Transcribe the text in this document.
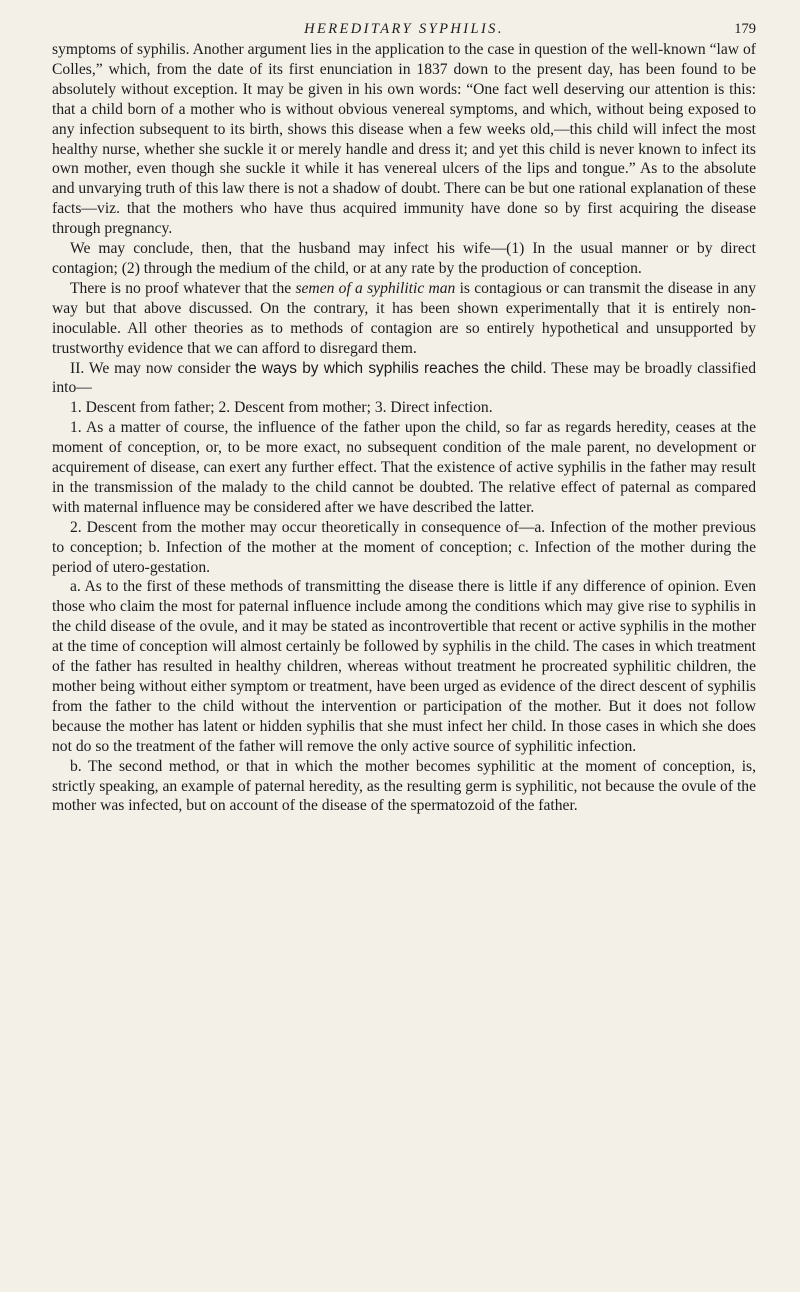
HEREDITARY SYPHILIS.	179

symptoms of syphilis. Another argument lies in the application to the case in question of the well-known “law of Colles,” which, from the date of its first enunciation in 1837 down to the present day, has been found to be absolutely without exception. It may be given in his own words: “One fact well deserving our attention is this: that a child born of a mother who is without obvious venereal symptoms, and which, without being exposed to any infection subsequent to its birth, shows this disease when a few weeks old,—this child will infect the most healthy nurse, whether she suckle it or merely handle and dress it; and yet this child is never known to infect its own mother, even though she suckle it while it has venereal ulcers of the lips and tongue.” As to the absolute and unvarying truth of this law there is not a shadow of doubt. There can be but one rational explanation of these facts—viz. that the mothers who have thus acquired immunity have done so by first acquiring the disease through pregnancy.

We may conclude, then, that the husband may infect his wife—(1) In the usual manner or by direct contagion; (2) through the medium of the child, or at any rate by the production of conception.

There is no proof whatever that the semen of a syphilitic man is contagious or can transmit the disease in any way but that above discussed. On the contrary, it has been shown experimentally that it is entirely non-inoculable. All other theories as to methods of contagion are so entirely hypothetical and unsupported by trustworthy evidence that we can afford to disregard them.

II. We may now consider the ways by which syphilis reaches the child. These may be broadly classified into—

1. Descent from father; 2. Descent from mother; 3. Direct infection.

1. As a matter of course, the influence of the father upon the child, so far as regards heredity, ceases at the moment of conception, or, to be more exact, no subsequent condition of the male parent, no development or acquirement of disease, can exert any further effect. That the existence of active syphilis in the father may result in the transmission of the malady to the child cannot be doubted. The relative effect of paternal as compared with maternal influence may be considered after we have described the latter.

2. Descent from the mother may occur theoretically in consequence of—a. Infection of the mother previous to conception; b. Infection of the mother at the moment of conception; c. Infection of the mother during the period of utero-gestation.

a. As to the first of these methods of transmitting the disease there is little if any difference of opinion. Even those who claim the most for paternal influence include among the conditions which may give rise to syphilis in the child disease of the ovule, and it may be stated as incontrovertible that recent or active syphilis in the mother at the time of conception will almost certainly be followed by syphilis in the child. The cases in which treatment of the father has resulted in healthy children, whereas without treatment he procreated syphilitic children, the mother being without either symptom or treatment, have been urged as evidence of the direct descent of syphilis from the father to the child without the intervention or participation of the mother. But it does not follow because the mother has latent or hidden syphilis that she must infect her child. In those cases in which she does not do so the treatment of the father will remove the only active source of syphilitic infection.

b. The second method, or that in which the mother becomes syphilitic at the moment of conception, is, strictly speaking, an example of paternal heredity, as the resulting germ is syphilitic, not because the ovule of the mother was infected, but on account of the disease of the spermatozoid of the father.
